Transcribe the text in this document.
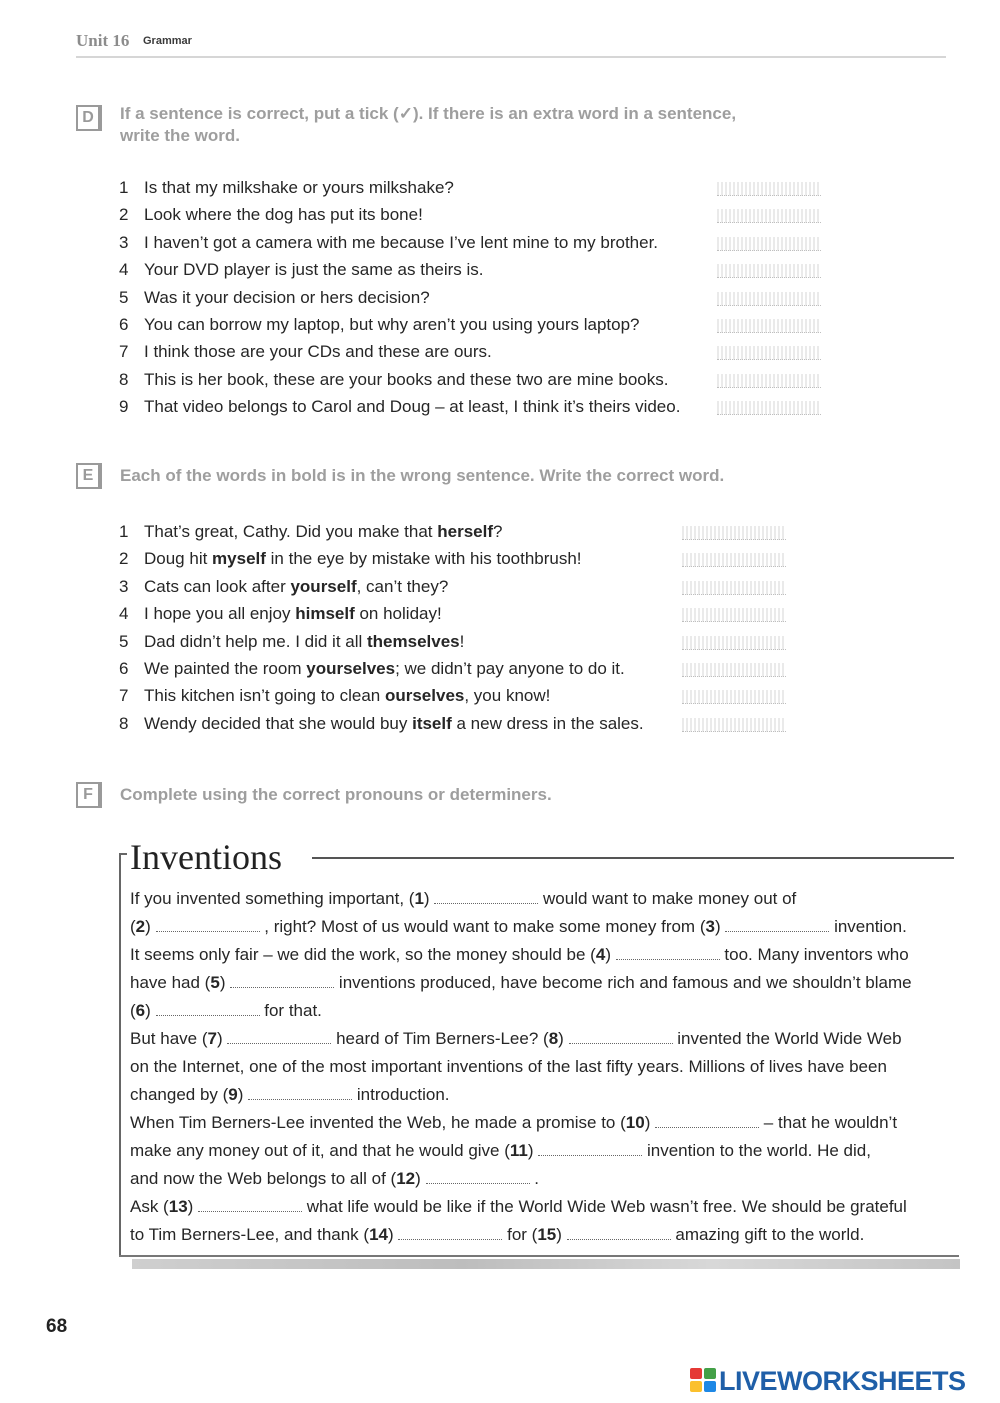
Unit 16 Grammar
D	If a sentence is correct, put a tick (✓). If there is an extra word in a sentence,
write the word.
1 Is that my milkshake or yours milkshake?
2 Look where the dog has put its bone!
3 I haven’t got a camera with me because I’ve lent mine to my brother.
4 Your DVD player is just the same as theirs is.
5 Was it your decision or hers decision?
6 You can borrow my laptop, but why aren’t you using yours laptop?
7 I think those are your CDs and these are ours.
8 This is her book, these are your books and these two are mine books.
9 That video belongs to Carol and Doug – at least, I think it’s theirs video.
E	Each of the words in bold is in the wrong sentence. Write the correct word.
1 That’s great, Cathy. Did you make that herself?
2 Doug hit myself in the eye by mistake with his toothbrush!
3 Cats can look after yourself, can’t they?
4 I hope you all enjoy himself on holiday!
5 Dad didn’t help me. I did it all themselves!
6 We painted the room yourselves; we didn’t pay anyone to do it.
7 This kitchen isn’t going to clean ourselves, you know!
8 Wendy decided that she would buy itself a new dress in the sales.
F	Complete using the correct pronouns or determiners.
Inventions
If you invented something important, (1)	would want to make money out of
(2)	, right? Most of us would want to make some money from (3)	invention.
It seems only fair – we did the work, so the money should be (4)	too. Many inventors who
have had (5)	inventions produced, have become rich and famous and we shouldn’t blame
(6)	for that.
But have (7)	heard of Tim Berners-Lee? (8)	invented the World Wide Web
on the Internet, one of the most important inventions of the last fifty years. Millions of lives have been
changed by (9)	introduction.
When Tim Berners-Lee invented the Web, he made a promise to (10)	– that he wouldn’t
make any money out of it, and that he would give (11)	invention to the world. He did,
and now the Web belongs to all of (12)	.
Ask (13)	what life would be like if the World Wide Web wasn’t free. We should be grateful
to Tim Berners-Lee, and thank (14)	for (15)	amazing gift to the world.
68
LIVEWORKSHEETS
